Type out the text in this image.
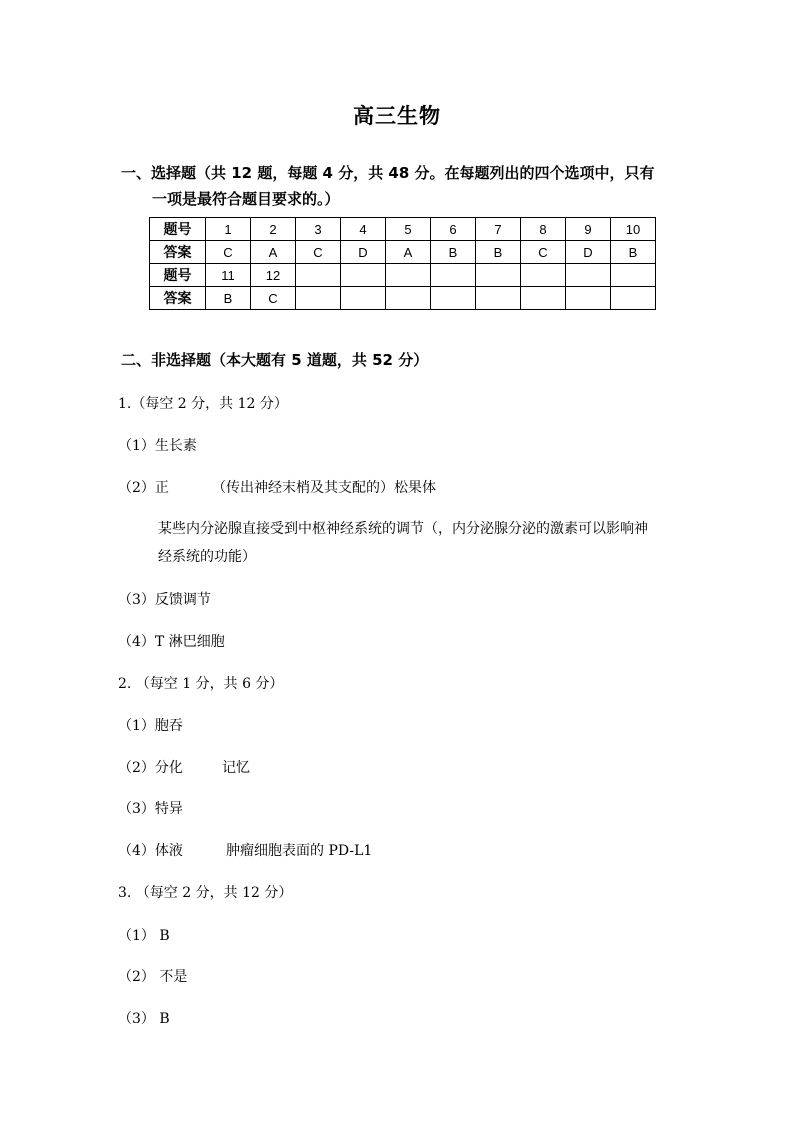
高三生物
一、选择题（共 12 题，每题 4 分，共 48 分。在每题列出的四个选项中，只有
一项是最符合题目要求的。）
题号	1	2	3	4	5	6	7	8	9	10
答案	C	A	C	D	A	B	B	C	D	B
题号	11	12								
答案	B	C								
二、非选择题（本大题有 5 道题，共 52 分）
1.（每空 2 分，共 12 分）
（1）生长素
（2）正	（传出神经末梢及其支配的）松果体
某些内分泌腺直接受到中枢神经系统的调节（，内分泌腺分泌的激素可以影响神
经系统的功能）
（3）反馈调节
（4）T 淋巴细胞
2. （每空 1 分，共 6 分）
（1）胞吞
（2）分化	记忆
（3）特异
（4）体液	肿瘤细胞表面的 PD-L1
3. （每空 2 分，共 12 分）
（1） B
（2） 不是
（3） B
